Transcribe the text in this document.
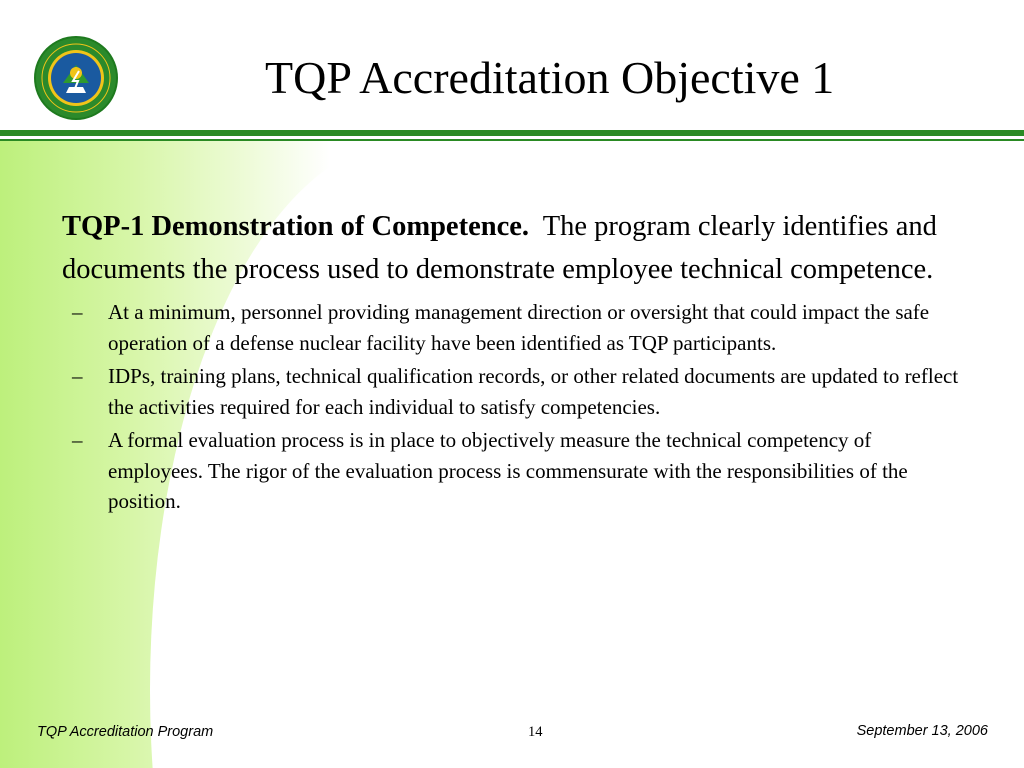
TQP Accreditation Objective 1

TQP-1 Demonstration of Competence. The program clearly identifies and documents the process used to demonstrate employee technical competence.

– At a minimum, personnel providing management direction or oversight that could impact the safe operation of a defense nuclear facility have been identified as TQP participants.
– IDPs, training plans, technical qualification records, or other related documents are updated to reflect the activities required for each individual to satisfy competencies.
– A formal evaluation process is in place to objectively measure the technical competency of employees. The rigor of the evaluation process is commensurate with the responsibilities of the position.
TQP Accreditation Program	14	September 13, 2006
